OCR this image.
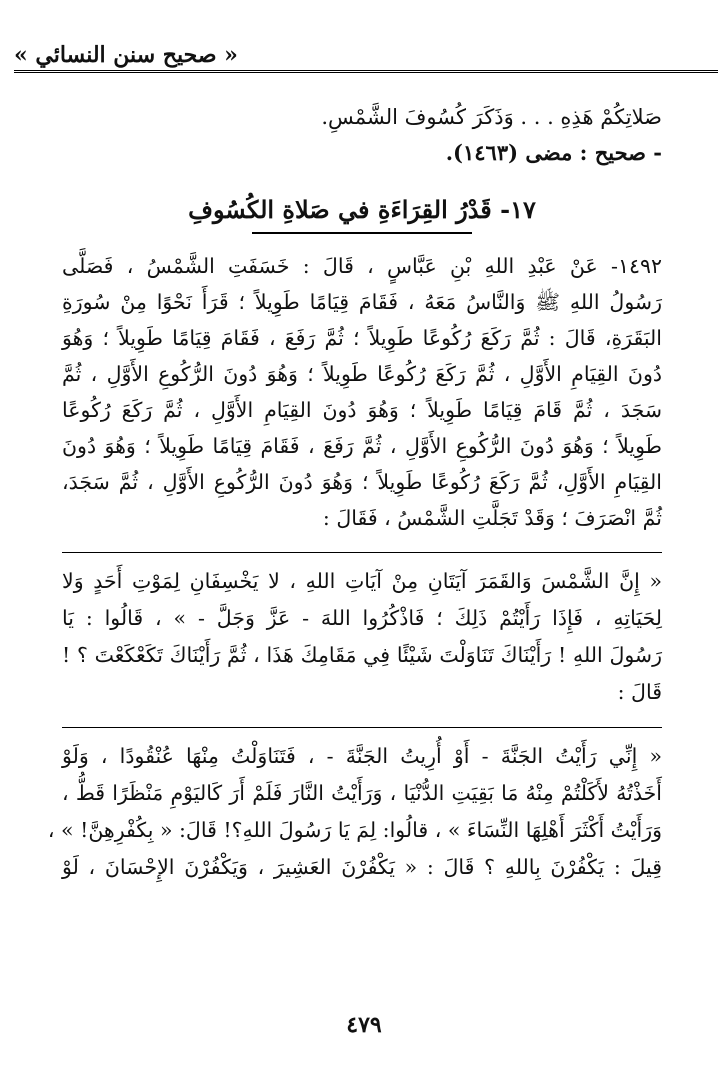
« صحيح سنن النسائي »
صَلاتِكُمْ هَذِهِ . . . وَذَكَرَ كُسُوفَ الشَّمْسِ.
- صحيح : مضى (١٤٦٣).
١٧- قَدْرُ القِرَاءَةِ في صَلاةِ الكُسُوفِ
١٤٩٢- عَنْ عَبْدِ اللهِ بْنِ عَبَّاسٍ ، قَالَ : خَسَفَتِ الشَّمْسُ ، فَصَلَّى
رَسُولُ اللهِ ﷺ وَالنَّاسُ مَعَهُ ، فَقَامَ قِيَامًا طَوِيلاً ؛ قَرَأَ نَحْوًا مِنْ سُورَةِ
البَقَرَةِ، قَالَ : ثُمَّ رَكَعَ رُكُوعًا طَوِيلاً ؛ ثُمَّ رَفَعَ ، فَقَامَ قِيَامًا طَوِيلاً ؛ وَهُوَ
دُونَ القِيَامِ الأَوَّلِ ، ثُمَّ رَكَعَ رُكُوعًا طَوِيلاً ؛ وَهُوَ دُونَ الرُّكُوعِ الأَوَّلِ ، ثُمَّ
سَجَدَ ، ثُمَّ قَامَ قِيَامًا طَوِيلاً ؛ وَهُوَ دُونَ القِيَامِ الأَوَّلِ ، ثُمَّ رَكَعَ رُكُوعًا
طَوِيلاً ؛ وَهُوَ دُونَ الرُّكُوعِ الأَوَّلِ ، ثُمَّ رَفَعَ ، فَقَامَ قِيَامًا طَوِيلاً ؛ وَهُوَ دُونَ
القِيَامِ الأَوَّلِ، ثُمَّ رَكَعَ رُكُوعًا طَوِيلاً ؛ وَهُوَ دُونَ الرُّكُوعِ الأَوَّلِ ، ثُمَّ سَجَدَ،
ثُمَّ انْصَرَفَ ؛ وَقَدْ تَجَلَّتِ الشَّمْسُ ، فَقَالَ :
« إِنَّ الشَّمْسَ وَالقَمَرَ آيَتَانِ مِنْ آيَاتِ اللهِ ، لا يَخْسِفَانِ لِمَوْتِ أَحَدٍ وَلا
لِحَيَاتِهِ ، فَإِذَا رَأَيْتُمْ ذَلِكَ ؛ فَاذْكُرُوا اللهَ - عَزَّ وَجَلَّ - » ، قَالُوا : يَا
رَسُولَ اللهِ ! رَأَيْنَاكَ تَنَاوَلْتَ شَيْئًا فِي مَقَامِكَ هَذَا ، ثُمَّ رَأَيْنَاكَ تَكَعْكَعْتَ ؟ !
قَالَ :
« إِنِّي رَأَيْتُ الجَنَّةَ - أَوْ أُرِيتُ الجَنَّةَ - ، فَتَنَاوَلْتُ مِنْهَا عُنْقُودًا ، وَلَوْ
أَخَذْتُهُ لأَكَلْتُمْ مِنْهُ مَا بَقِيَتِ الدُّنْيَا ، وَرَأَيْتُ النَّارَ فَلَمْ أَرَ كَاليَوْمِ مَنْظَرًا قَطُّ ،
وَرَأَيْتُ أَكْثَرَ أَهْلِهَا النِّسَاءَ » ، قالُوا: لِمَ يَا رَسُولَ اللهِ؟! قَالَ: « بِكُفْرِهِنَّ! » ،
قِيلَ : يَكْفُرْنَ بِاللهِ ؟ قَالَ : « يَكْفُرْنَ العَشِيرَ ، وَيَكْفُرْنَ الإِحْسَانَ ، لَوْ
٤٧٩
